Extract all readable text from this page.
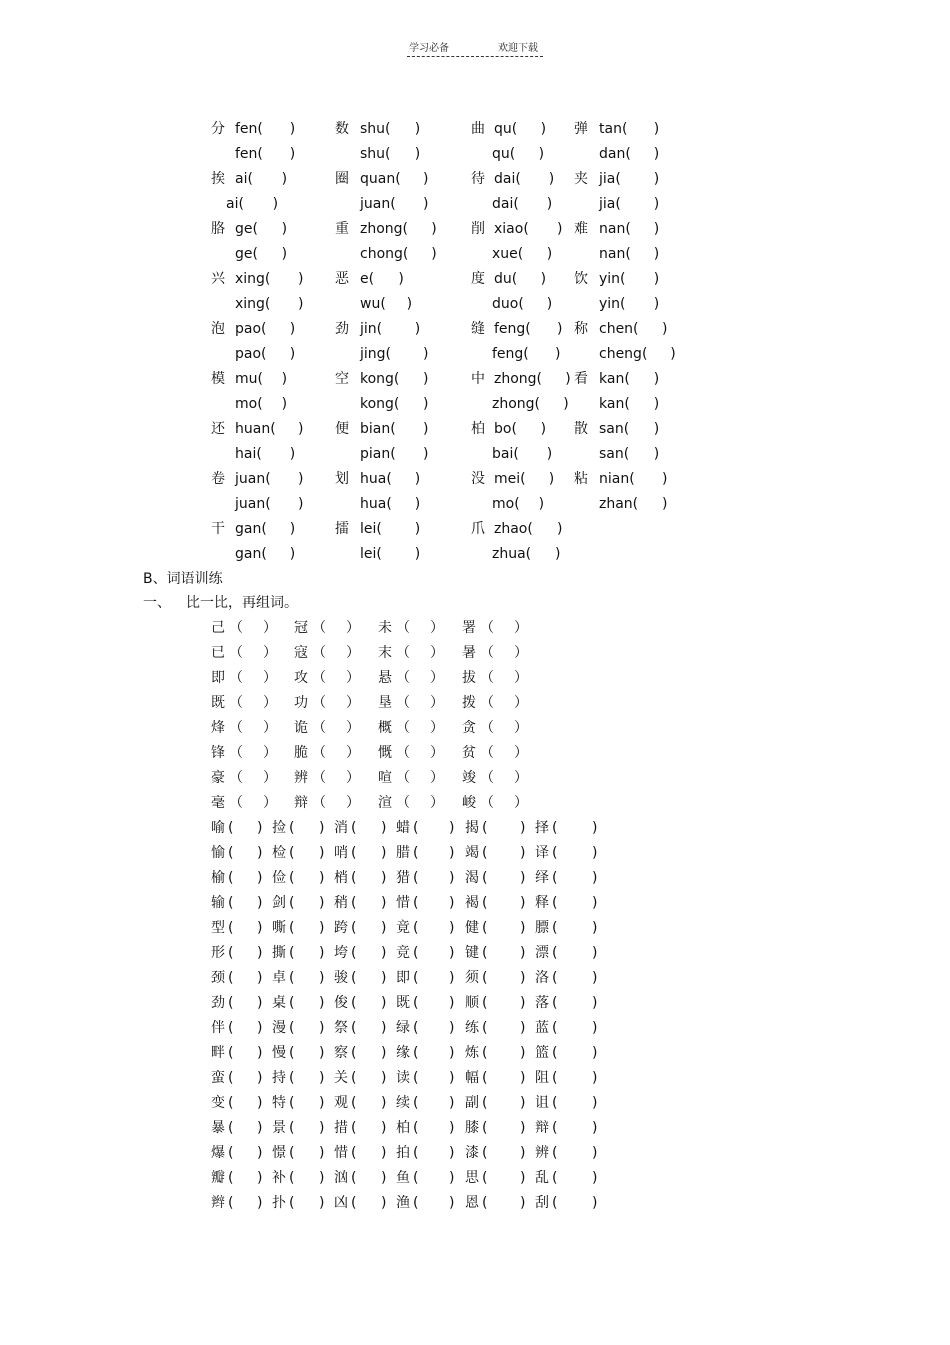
学习必备	欢迎下载
分 fen( )	数 shu( )	曲 qu( ) 弹 tan( )
fen( )	shu( )	qu( )	dan( )
挨 ai( )	圈 quan( )	待 dai( ) 夹 jia( )
ai( )	juan( )	dai( )	jia( )
胳 ge( )	重 zhong( ) 削 xiao( ) 难 nan( )
ge( )	chong( )	xue( )	nan( )
兴 xing( ) 恶 e( )	度 du( ) 饮 yin( )
xing( )	wu( )	duo( )	yin( )
泡 pao( )	劲 jin( )	缝 feng( ) 称 chen( )
pao( )	jing( )	feng( )	cheng( )
模 mu( )	空 kong( )	中 zhong( ) 看 kan( )
mo( )	kong( )	zhong( ) kan( )
还 huan( ) 便 bian( )	柏 bo( ) 散 san( )
hai( )	pian( )	bai( )	san( )
卷 juan( ) 划 hua( )	没 mei( ) 粘 nian( )
juan( )	hua( )	mo( )	zhan( )
干 gan( )	擂 lei( )	爪 zhao( )
gan( )	lei( )	zhua( )
B、词语训练
一、 比一比，再组词。
己 （ ） 冠 （ ） 未 （ ） 署 （ ）
已 （ ） 寇 （ ） 末 （ ） 暑 （ ）
即 （ ） 攻 （ ） 悬 （ ） 拔 （ ）
既 （ ） 功 （ ） 垦 （ ） 拨 （ ）
烽 （ ） 诡 （ ） 概 （ ） 贪 （ ）
锋 （ ） 脆 （ ） 慨 （ ） 贫 （ ）
豪 （ ） 辨 （ ） 喧 （ ） 竣 （ ）
毫 （ ） 辩 （ ） 渲 （ ） 峻 （ ）
喻 ( ) 捡 ( ) 消 ( ) 蜡 ( ) 揭 ( ) 择 ( )
愉 ( ) 检 ( ) 哨 ( ) 腊 ( ) 竭 ( ) 译 ( )
榆 ( ) 俭 ( ) 梢 ( ) 猎 ( ) 渴 ( ) 绎 ( )
输 ( ) 剑 ( ) 稍 ( ) 惜 ( ) 褐 ( ) 释 ( )
型 ( ) 嘶 ( ) 跨 ( ) 竟 ( ) 健 ( ) 膘 ( )
形 ( ) 撕 ( ) 垮 ( ) 竞 ( ) 键 ( ) 漂 ( )
颈 ( ) 卓 ( ) 骏 ( ) 即 ( ) 须 ( ) 洛 ( )
劲 ( ) 桌 ( ) 俊 ( ) 既 ( ) 顺 ( ) 落 ( )
伴 ( ) 漫 ( ) 祭 ( ) 绿 ( ) 练 ( ) 蓝 ( )
畔 ( ) 慢 ( ) 察 ( ) 缘 ( ) 炼 ( ) 篮 ( )
蛮 ( ) 持 ( ) 关 ( ) 读 ( ) 幅 ( ) 阻 ( )
变 ( ) 特 ( ) 观 ( ) 续 ( ) 副 ( ) 诅 ( )
暴 ( ) 景 ( ) 措 ( ) 柏 ( ) 膝 ( ) 辩 ( )
爆 ( ) 憬 ( ) 惜 ( ) 拍 ( ) 漆 ( ) 辨 ( )
瓣 ( ) 补 ( ) 汹 ( ) 鱼 ( ) 思 ( ) 乱 ( )
辫 ( ) 扑 ( ) 凶 ( ) 渔 ( ) 恩 ( ) 刮 ( )
